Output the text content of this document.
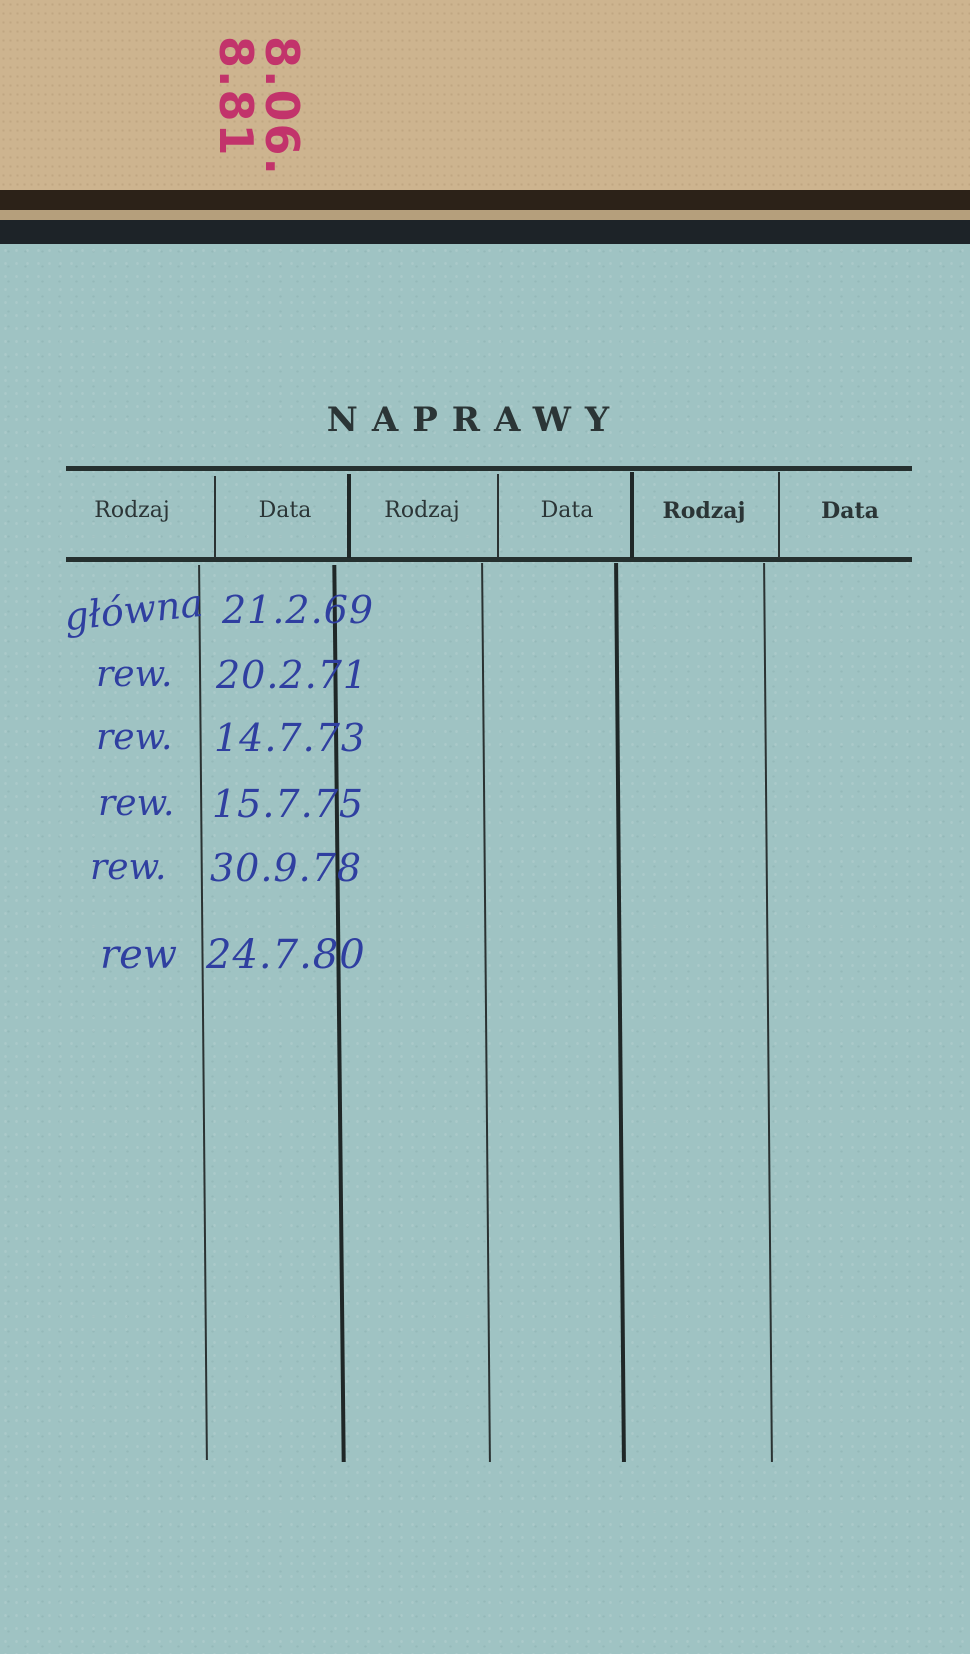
8.06.
8.81
NAPRAWY
Rodzaj	Data	Rodzaj	Data	Rodzaj	Data
główna 21.2.69
rew. 20.2.71
rew. 14.7.73
rew. 15.7.75
rew. 30.9.78
rew 24.7.80
